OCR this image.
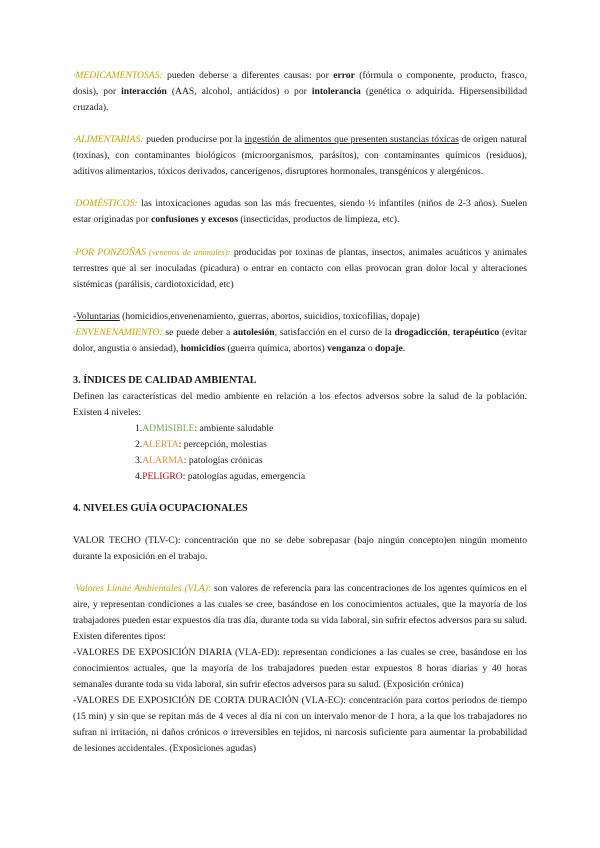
·MEDICAMENTOSAS: pueden deberse a diferentes causas: por error (fórmula o componente, producto, frasco, dosis), por interacción (AAS, alcohol, antiácidos) o por intolerancia (genética o adquirida. Hipersensibilidad cruzada).

·ALIMENTARIAS: pueden producirse por la ingestión de alimentos que presenten sustancias tóxicas de origen natural (toxinas), con contaminantes biológicos (microorganismos, parásitos), con contaminantes químicos (residuos), aditivos alimentarios, tóxicos derivados, cancerígenos, disruptores hormonales, transgénicos y alergénicos.

·DOMÉSTICOS: las intoxicaciones agudas son las más frecuentes, siendo ½ infantiles (niños de 2-3 años). Suelen estar originadas por confusiones y excesos (insecticidas, productos de limpieza, etc).

·POR PONZOÑAS (venenos de animales): producidas por toxinas de plantas, insectos, animales acuáticos y animales terrestres que al ser inoculadas (picadura) o entrar en contacto con ellas provocan gran dolor local y alteraciones sistémicas (parálisis, cardiotoxicidad, etc)

-Voluntarias (homicidios,envenenamiento, guerras, abortos, suicidios, toxicofilias, dopaje)

·ENVENENAMIENTO: se puede deber a autolesión, satisfacción en el curso de la drogadicción, terapéutico (evitar dolor, angustia o ansiedad), homicidios (guerra química, abortos) venganza o dopaje.

3. ÍNDICES DE CALIDAD AMBIENTAL

Definen las características del medio ambiente en relación a los efectos adversos sobre la salud de la población. Existen 4 niveles:

1.ADMISIBLE: ambiente saludable
2.ALERTA: percepción, molestias
3.ALARMA: patologías crónicas
4.PELIGRO: patologías agudas, emergencia
4. NIVELES GUÍA OCUPACIONALES

VALOR TECHO (TLV-C): concentración que no se debe sobrepasar (bajo ningún concepto)en ningún momento durante la exposición en el trabajo.

·Valores Límite Ambientales (VLA): son valores de referencia para las concentraciones de los agentes químicos en el aire, y representan condiciones a las cuales se cree, basándose en los conocimientos actuales, que la mayoría de los trabajadores pueden estar expuestos día tras día, durante toda su vida laboral, sin sufrir efectos adversos para su salud. Existen diferentes tipos:

-VALORES DE EXPOSICIÓN DIARIA (VLA-ED): representan condiciones a las cuales se cree, basándose en los conocimientos actuales, que la mayoría de los trabajadores pueden estar expuestos 8 horas diarias y 40 horas semanales durante toda su vida laboral, sin sufrir efectos adversos para su salud. (Exposición crónica)

-VALORES DE EXPOSICIÓN DE CORTA DURACIÓN (VLA-EC): concentración para cortos periodos de tiempo (15 min) y sin que se repitan más de 4 veces al día ni con un intervalo menor de 1 hora, a la que los trabajadores no sufran ni irritación, ni daños crónicos o irreversibles en tejidos, ni narcosis suficiente para aumentar la probabilidad de lesiones accidentales. (Exposiciones agudas)
